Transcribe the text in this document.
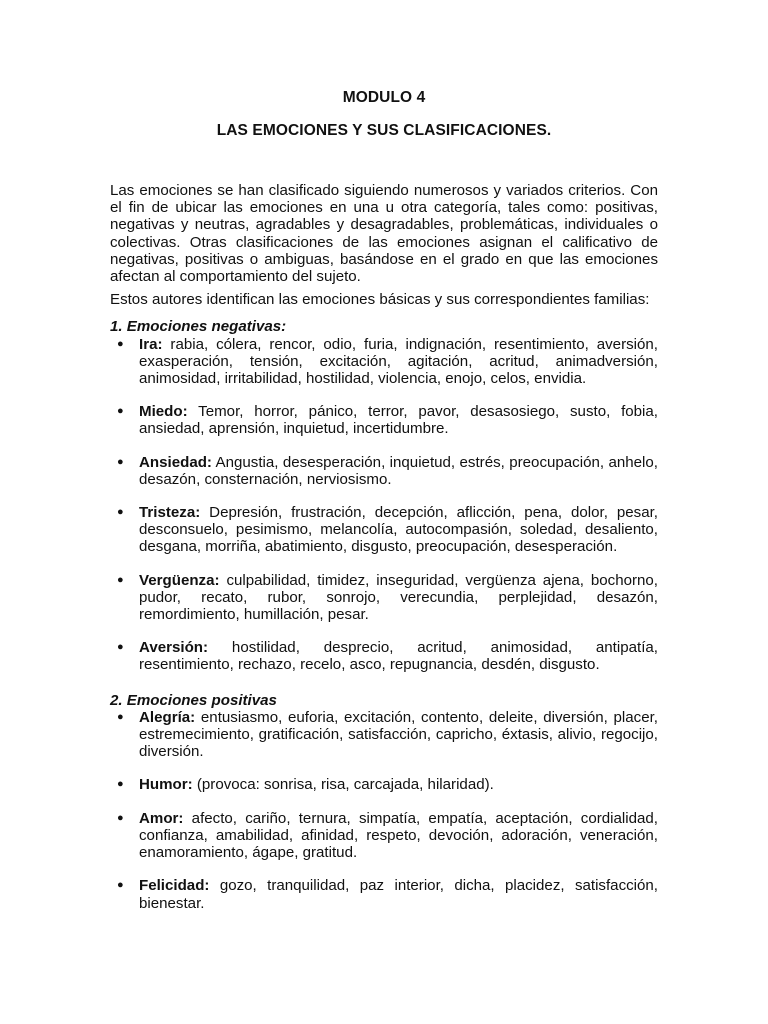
MODULO 4
LAS EMOCIONES Y SUS CLASIFICACIONES.

Las emociones se han clasificado siguiendo numerosos y variados criterios. Con el fin de ubicar las emociones en una u otra categoría, tales como: positivas, negativas y neutras, agradables y desagradables, problemáticas, individuales o colectivas. Otras clasificaciones de las emociones asignan el calificativo de negativas, positivas o ambiguas, basándose en el grado en que las emociones afectan al comportamiento del sujeto.

Estos autores identifican las emociones básicas y sus correspondientes familias:

1. Emociones negativas:

● Ira: rabia, cólera, rencor, odio, furia, indignación, resentimiento, aversión, exasperación, tensión, excitación, agitación, acritud, animadversión, animosidad, irritabilidad, hostilidad, violencia, enojo, celos, envidia.
● Miedo: Temor, horror, pánico, terror, pavor, desasosiego, susto, fobia, ansiedad, aprensión, inquietud, incertidumbre.
● Ansiedad: Angustia, desesperación, inquietud, estrés, preocupación, anhelo, desazón, consternación, nerviosismo.
● Tristeza: Depresión, frustración, decepción, aflicción, pena, dolor, pesar, desconsuelo, pesimismo, melancolía, autocompasión, soledad, desaliento, desgana, morriña, abatimiento, disgusto, preocupación, desesperación.
● Vergüenza: culpabilidad, timidez, inseguridad, vergüenza ajena, bochorno, pudor, recato, rubor, sonrojo, verecundia, perplejidad, desazón, remordimiento, humillación, pesar.
● Aversión: hostilidad, desprecio, acritud, animosidad, antipatía, resentimiento, rechazo, recelo, asco, repugnancia, desdén, disgusto.

2. Emociones positivas

● Alegría: entusiasmo, euforia, excitación, contento, deleite, diversión, placer, estremecimiento, gratificación, satisfacción, capricho, éxtasis, alivio, regocijo, diversión.
● Humor: (provoca: sonrisa, risa, carcajada, hilaridad).
● Amor: afecto, cariño, ternura, simpatía, empatía, aceptación, cordialidad, confianza, amabilidad, afinidad, respeto, devoción, adoración, veneración, enamoramiento, ágape, gratitud.
● Felicidad: gozo, tranquilidad, paz interior, dicha, placidez, satisfacción, bienestar.
